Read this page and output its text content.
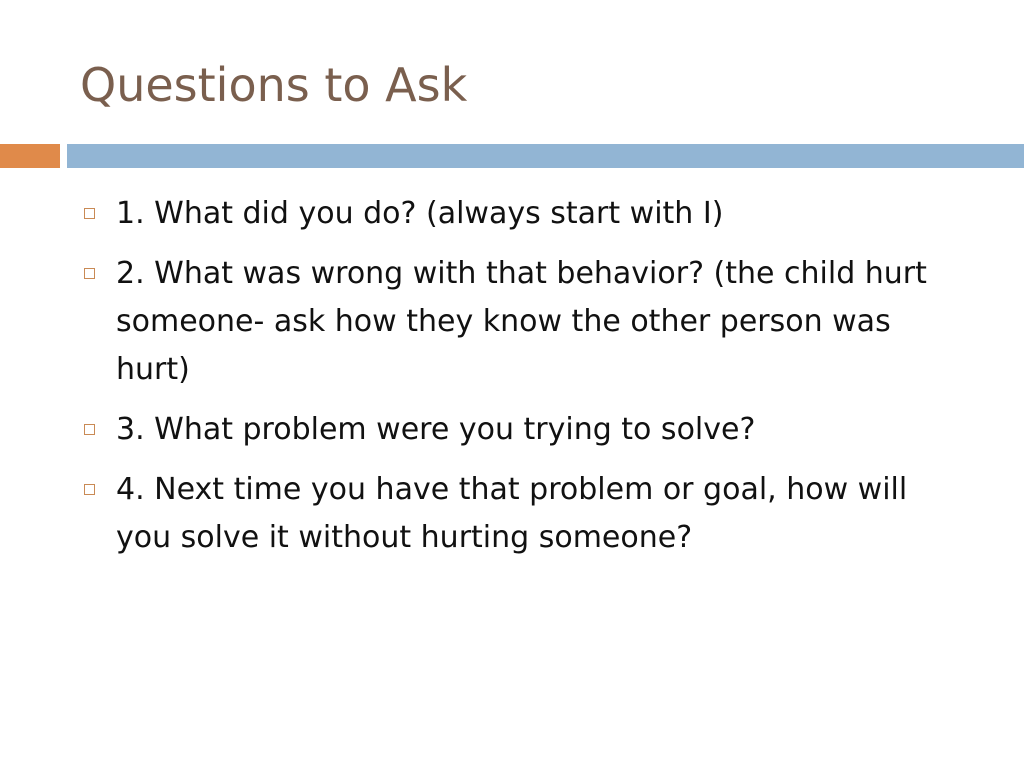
Questions to Ask
1. What did you do? (always start with I)
2. What was wrong with that behavior? (the child hurt someone- ask how they know the other person was hurt)
3. What problem were you trying to solve?
4. Next time you have that problem or goal, how will you solve it without hurting someone?
